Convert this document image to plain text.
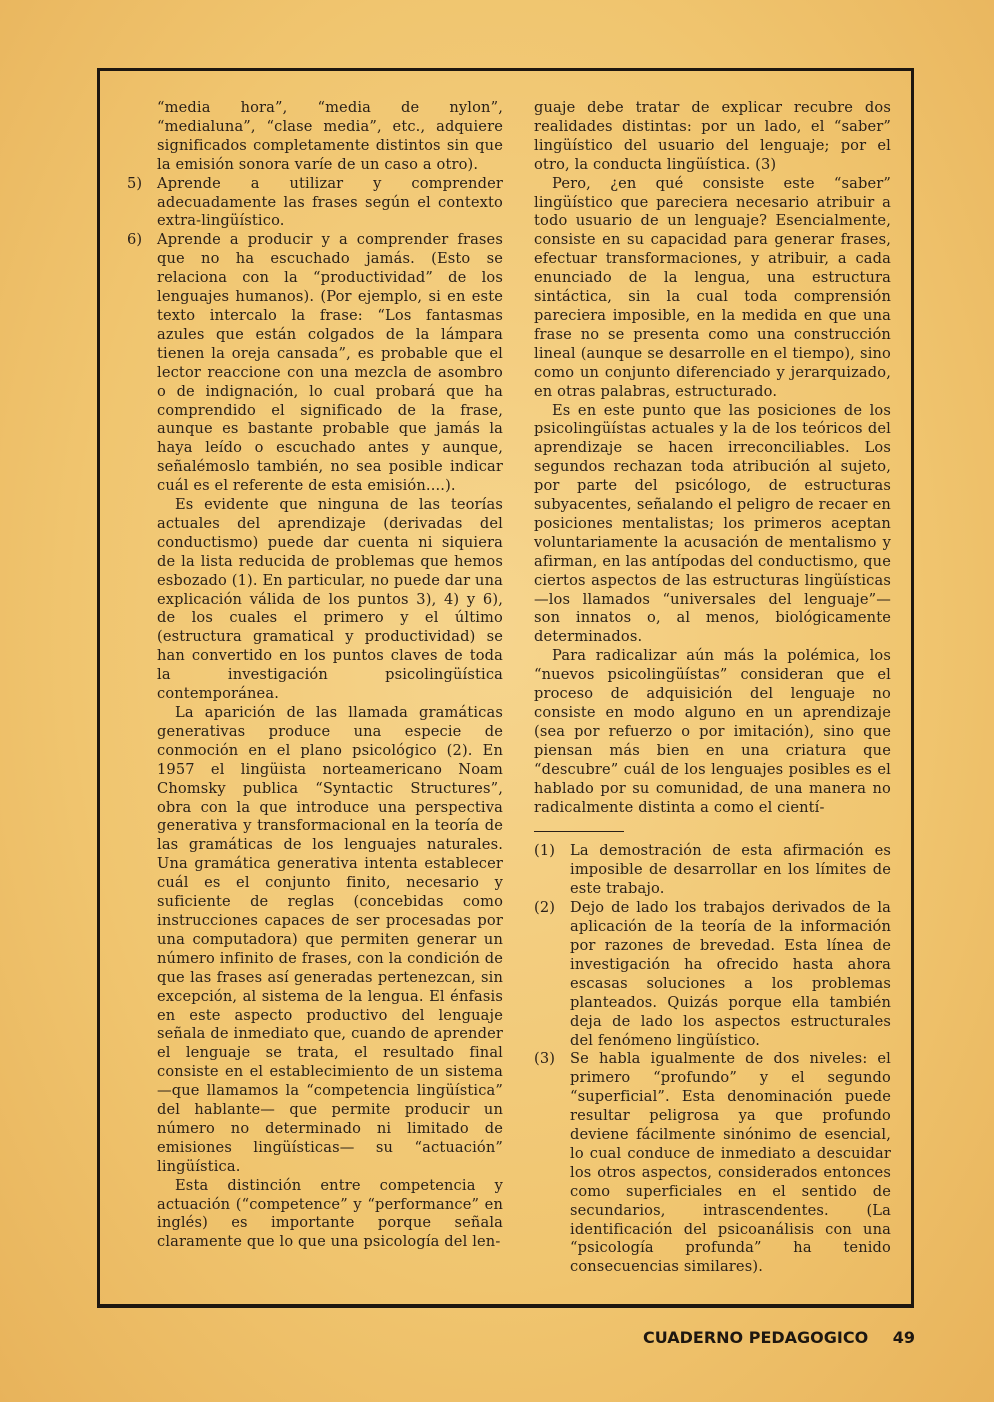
“media hora”, “media de nylon”, “medialuna”, “clase media”, etc., adquiere significados completamente distintos sin que la emisión sonora varíe de un caso a otro).

5)	Aprende a utilizar y comprender adecuadamente las frases según el contexto extra-lingüístico.
6)	Aprende a producir y a comprender frases que no ha escuchado jamás. (Esto se relaciona con la “productividad” de los lenguajes humanos). (Por ejemplo, si en este texto intercalo la frase: “Los fantasmas azules que están colgados de la lámpara tienen la oreja cansada”, es probable que el lector reaccione con una mezcla de asombro o de indignación, lo cual probará que ha comprendido el significado de la frase, aunque es bastante probable que jamás la haya leído o escuchado antes y aunque, señalémoslo también, no sea posible indicar cuál es el referente de esta emisión....).

Es evidente que ninguna de las teorías actuales del aprendizaje (derivadas del conductismo) puede dar cuenta ni siquiera de la lista reducida de problemas que hemos esbozado (1). En particular, no puede dar una explicación válida de los puntos 3), 4) y 6), de los cuales el primero y el último (estructura gramatical y productividad) se han convertido en los puntos claves de toda la investigación psicolingüística contemporánea.

La aparición de las llamada gramáticas generativas produce una especie de conmoción en el plano psicológico (2). En 1957 el lingüista norteamericano Noam Chomsky publica “Syntactic Structures”, obra con la que introduce una perspectiva generativa y transformacional en la teoría de las gramáticas de los lenguajes naturales. Una gramática generativa intenta establecer cuál es el conjunto finito, necesario y suficiente de reglas (concebidas como instrucciones capaces de ser procesadas por una computadora) que permiten generar un número infinito de frases, con la condición de que las frases así generadas pertenezcan, sin excepción, al sistema de la lengua. El énfasis en este aspecto productivo del lenguaje señala de inmediato que, cuando de aprender el lenguaje se trata, el resultado final consiste en el establecimiento de un sistema —que llamamos la “competencia lingüística” del hablante— que permite producir un número no determinado ni limitado de emisiones lingüísticas— su “actuación” lingüística.

Esta distinción entre competencia y actuación (“competence” y “performance” en inglés) es importante porque señala claramente que lo que una psicología del len-

guaje debe tratar de explicar recubre dos realidades distintas: por un lado, el “saber” lingüístico del usuario del lenguaje; por el otro, la conducta lingüística. (3)

Pero, ¿en qué consiste este “saber” lingüístico que pareciera necesario atribuir a todo usuario de un lenguaje? Esencialmente, consiste en su capacidad para generar frases, efectuar transformaciones, y atribuir, a cada enunciado de la lengua, una estructura sintáctica, sin la cual toda comprensión pareciera imposible, en la medida en que una frase no se presenta como una construcción lineal (aunque se desarrolle en el tiempo), sino como un conjunto diferenciado y jerarquizado, en otras palabras, estructurado.

Es en este punto que las posiciones de los psicolingüístas actuales y la de los teóricos del aprendizaje se hacen irreconciliables. Los segundos rechazan toda atribución al sujeto, por parte del psicólogo, de estructuras subyacentes, señalando el peligro de recaer en posiciones mentalistas; los primeros aceptan voluntariamente la acusación de mentalismo y afirman, en las antípodas del conductismo, que ciertos aspectos de las estructuras lingüísticas —los llamados “universales del lenguaje”— son innatos o, al menos, biológicamente determinados.

Para radicalizar aún más la polémica, los “nuevos psicolingüístas” consideran que el proceso de adquisición del lenguaje no consiste en modo alguno en un aprendizaje (sea por refuerzo o por imitación), sino que piensan más bien en una criatura que “descubre” cuál de los lenguajes posibles es el hablado por su comunidad, de una manera no radicalmente distinta a como el cientí-

(1)	La demostración de esta afirmación es imposible de desarrollar en los límites de este trabajo.
(2)	Dejo de lado los trabajos derivados de la aplicación de la teoría de la información por razones de brevedad. Esta línea de investigación ha ofrecido hasta ahora escasas soluciones a los problemas planteados. Quizás porque ella también deja de lado los aspectos estructurales del fenómeno lingüístico.
(3)	Se habla igualmente de dos niveles: el primero “profundo” y el segundo “superficial”. Esta denominación puede resultar peligrosa ya que profundo deviene fácilmente sinónimo de esencial, lo cual conduce de inmediato a descuidar los otros aspectos, considerados entonces como superficiales en el sentido de secundarios, intrascendentes. (La identificación del psicoanálisis con una “psicología profunda” ha tenido consecuencias similares).
CUADERNO PEDAGOGICO 49
